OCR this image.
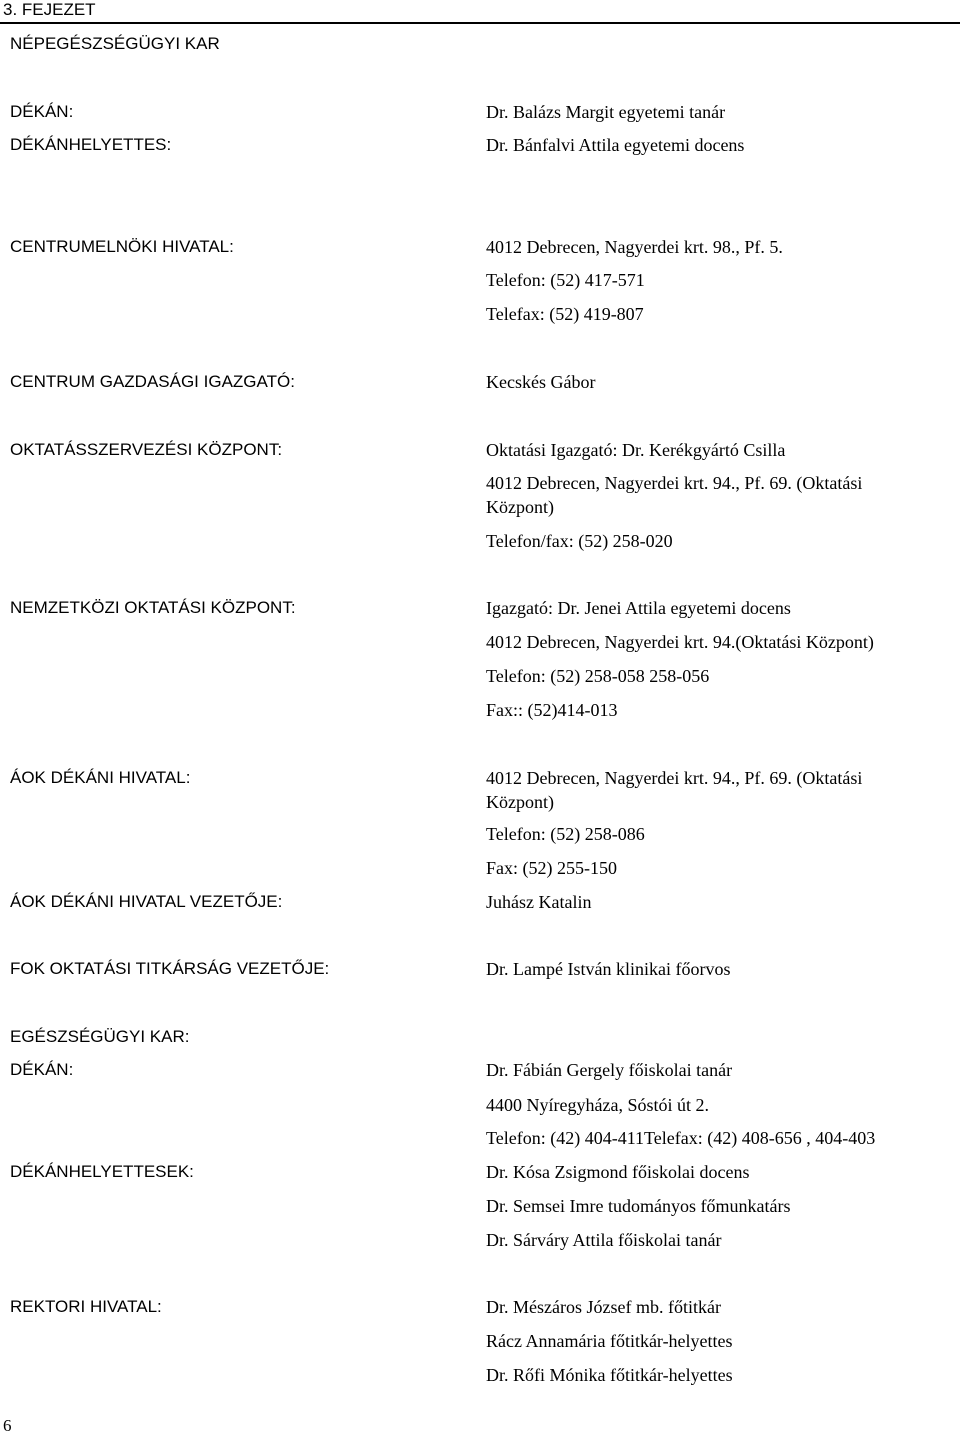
3. FEJEZET
NÉPEGÉSZSÉGÜGYI KAR
DÉKÁN:	Dr. Balázs Margit egyetemi tanár
DÉKÁNHELYETTES:	Dr. Bánfalvi Attila egyetemi docens
CENTRUMELNÖKI HIVATAL:	4012 Debrecen, Nagyerdei krt. 98., Pf. 5.
Telefon: (52) 417-571
Telefax: (52) 419-807
CENTRUM GAZDASÁGI IGAZGATÓ:	Kecskés Gábor
OKTATÁSSZERVEZÉSI KÖZPONT:	Oktatási Igazgató: Dr. Kerékgyártó Csilla
4012 Debrecen, Nagyerdei krt. 94., Pf. 69. (Oktatási
Központ)
Telefon/fax: (52) 258-020
NEMZETKÖZI OKTATÁSI KÖZPONT:	Igazgató: Dr. Jenei Attila egyetemi docens
4012 Debrecen, Nagyerdei krt. 94.(Oktatási Központ)
Telefon: (52) 258-058 258-056
Fax:: (52)414-013
ÁOK DÉKÁNI HIVATAL:	4012 Debrecen, Nagyerdei krt. 94., Pf. 69. (Oktatási
Központ)
Telefon: (52) 258-086
Fax: (52) 255-150
ÁOK DÉKÁNI HIVATAL VEZETŐJE:	Juhász Katalin
FOK OKTATÁSI TITKÁRSÁG VEZETŐJE:	Dr. Lampé István klinikai főorvos
EGÉSZSÉGÜGYI KAR:
DÉKÁN:	Dr. Fábián Gergely főiskolai tanár
4400 Nyíregyháza, Sóstói út 2.
Telefon: (42) 404-411Telefax: (42) 408-656 , 404-403
DÉKÁNHELYETTESEK:	Dr. Kósa Zsigmond főiskolai docens
Dr. Semsei Imre tudományos főmunkatárs
Dr. Sárváry Attila főiskolai tanár
REKTORI HIVATAL:	Dr. Mészáros József mb. főtitkár
Rácz Annamária főtitkár-helyettes
Dr. Rőfi Mónika főtitkár-helyettes
6
